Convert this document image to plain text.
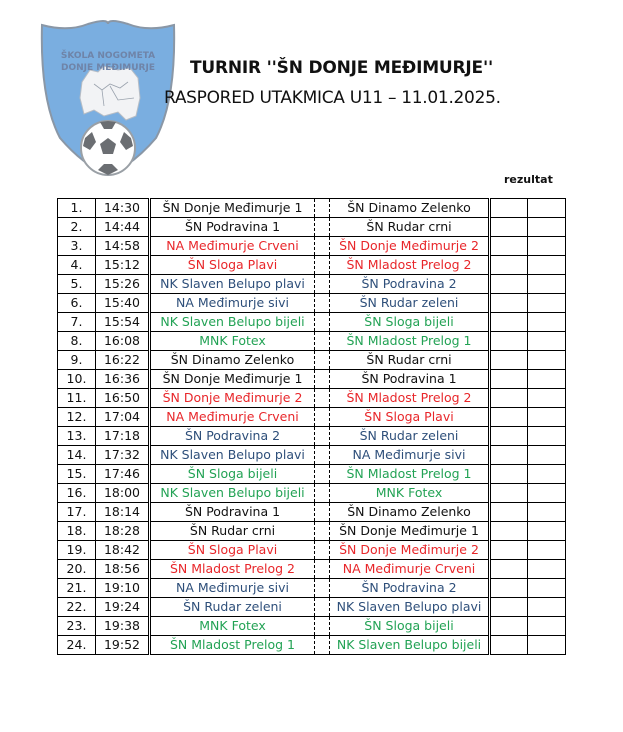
ŠKOLA NOGOMETA
DONJE MEĐIMURJE TURNIR ''ŠN DONJE MEĐIMURJE''
RASPORED UTAKMICA U11 – 11.01.2025.
rezultat
1.	14:30	ŠN Donje Međimurje 1		ŠN Dinamo Zelenko		
2.	14:44	ŠN Podravina 1		ŠN Rudar crni		
3.	14:58	NA Međimurje Crveni		ŠN Donje Međimurje 2		
4.	15:12	ŠN Sloga Plavi		ŠN Mladost Prelog 2		
5.	15:26	NK Slaven Belupo plavi		ŠN Podravina 2		
6.	15:40	NA Međimurje sivi		ŠN Rudar zeleni		
7.	15:54	NK Slaven Belupo bijeli		ŠN Sloga bijeli		
8.	16:08	MNK Fotex		ŠN Mladost Prelog 1		
9.	16:22	ŠN Dinamo Zelenko		ŠN Rudar crni		
10.	16:36	ŠN Donje Međimurje 1		ŠN Podravina 1		
11.	16:50	ŠN Donje Međimurje 2		ŠN Mladost Prelog 2		
12.	17:04	NA Međimurje Crveni		ŠN Sloga Plavi		
13.	17:18	ŠN Podravina 2		ŠN Rudar zeleni		
14.	17:32	NK Slaven Belupo plavi		NA Međimurje sivi		
15.	17:46	ŠN Sloga bijeli		ŠN Mladost Prelog 1		
16.	18:00	NK Slaven Belupo bijeli		MNK Fotex		
17.	18:14	ŠN Podravina 1		ŠN Dinamo Zelenko		
18.	18:28	ŠN Rudar crni		ŠN Donje Međimurje 1		
19.	18:42	ŠN Sloga Plavi		ŠN Donje Međimurje 2		
20.	18:56	ŠN Mladost Prelog 2		NA Međimurje Crveni		
21.	19:10	NA Međimurje sivi		ŠN Podravina 2		
22.	19:24	ŠN Rudar zeleni		NK Slaven Belupo plavi		
23.	19:38	MNK Fotex		ŠN Sloga bijeli		
24.	19:52	ŠN Mladost Prelog 1		NK Slaven Belupo bijeli		
